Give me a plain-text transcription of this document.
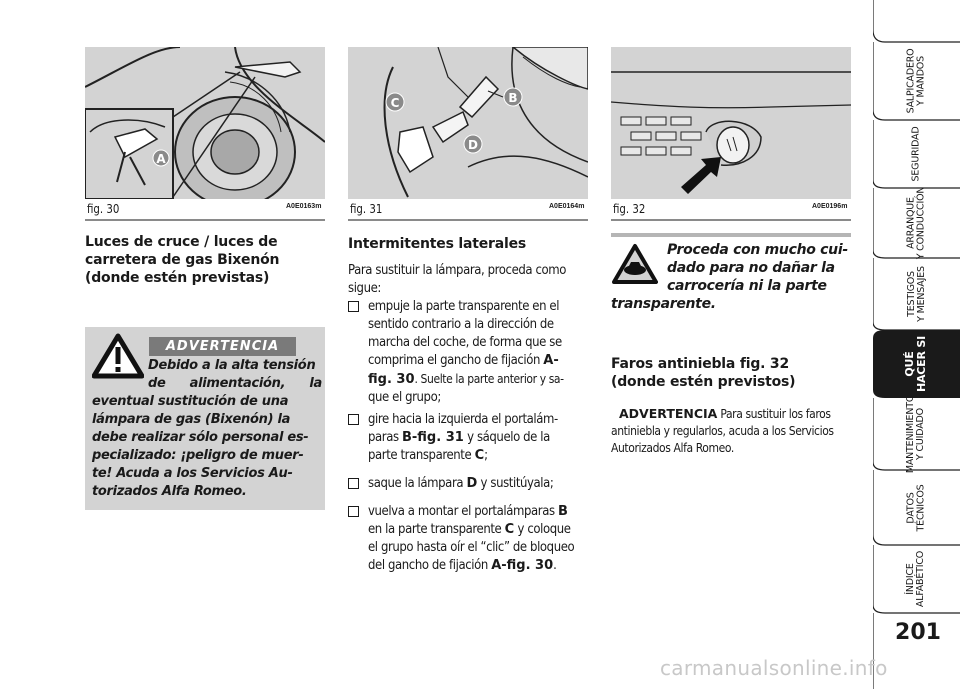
A
fig. 30	A0E0163m
B
C
D
fig. 31	A0E0164m fig. 32	A0E0196m
Luces de cruce / luces de
carretera de gas Bixenón
(donde estén previstas)
ADVERTENCIA
Debido a la alta tensión
de alimentación, la
eventual sustitución de una
lámpara de gas (Bixenón) la
debe realizar sólo personal es-
pecializado: ¡peligro de muer-
te! Acuda a los Servicios Au-
torizados Alfa Romeo.
Intermitentes laterales
Para sustituir la lámpara, proceda como
sigue:
empuje la parte transparente en el
sentido contrario a la dirección de
marcha del coche, de forma que se
comprima el gancho de fijación A-
fig. 30. Suelte la parte anterior y sa-
que el grupo;
gire hacia la izquierda el portalám-
paras B-fig. 31 y sáquelo de la
parte transparente C;
saque la lámpara D y sustitúyala;
vuelva a montar el portalámparas B
en la parte transparente C y coloque
el grupo hasta oír el “clic” de bloqueo
del gancho de fijación A-fig. 30.
Proceda con mucho cui-
dado para no dañar la
carrocería ni la parte
transparente.
Faros antiniebla fig. 32
(donde estén previstos)
ADVERTENCIA Para sustituir los faros
antiniebla y regularlos, acuda a los Servicios
Autorizados Alfa Romeo.
SALPICADERO
Y MANDOS
SEGURIDAD
ARRANQUE
Y CONDUCCIÓN
TESTIGOS
Y MENSAJES
QUÉ
HACER SI
MANTENIMIENTO
Y CUIDADO
DATOS
TÉCNICOS
ÍNDICE
ALFABÉTICO
201
carmanualsonline.info
